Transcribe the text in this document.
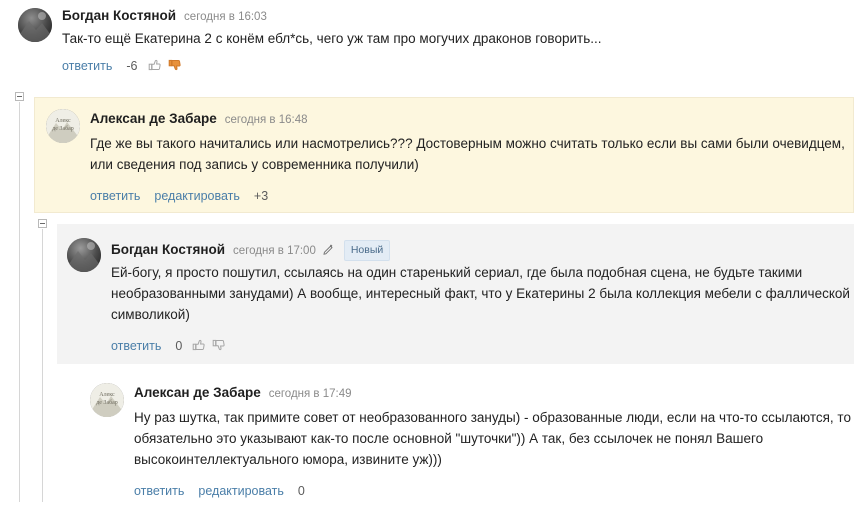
Богдан Костяной сегодня в 16:03
Так-то ещё Екатерина 2 с конём ебл*сь, чего уж там про могучих драконов говорить...
ответить -6
Алекс
де Забар
Алексан де Забаре сегодня в 16:48
Где же вы такого начитались или насмотрелись??? Достоверным можно считать только если вы сами были очевидцем, или сведения под запись у современника получили)
ответить редактировать +3
Богдан Костяной сегодня в 17:00	Новый
Ей-богу, я просто пошутил, ссылаясь на один старенький сериал, где была подобная сцена, не будьте такими необразованными занудами) А вообще, интересный факт, что у Екатерины 2 была коллекция мебели с фаллической символикой)
ответить 0
Алекс
де Забар
Алексан де Забаре сегодня в 17:49
Ну раз шутка, так примите совет от необразованного зануды) - образованные люди, если на что-то ссылаются, то обязательно это указывают как-то после основной "шуточки")) А так, без ссылочек не понял Вашего высокоинтеллектуального юмора, извините уж)))
ответить редактировать 0
